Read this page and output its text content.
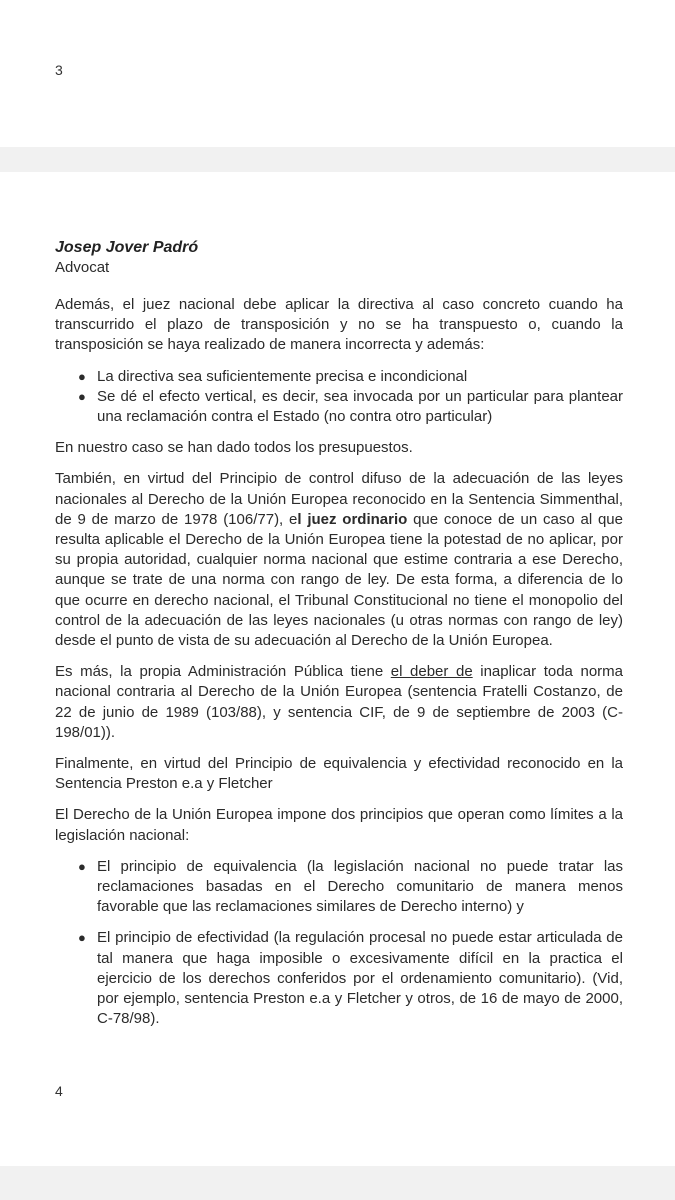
3
Josep Jover Padró
Advocat

Además, el juez nacional debe aplicar la directiva al caso concreto cuando ha transcurrido el plazo de transposición y no se ha transpuesto o, cuando la transposición se haya realizado de manera incorrecta y además:

● La directiva sea suficientemente precisa e incondicional
● Se dé el efecto vertical, es decir, sea invocada por un particular para plantear una reclamación contra el Estado (no contra otro particular)

En nuestro caso se han dado todos los presupuestos.

También, en virtud del Principio de control difuso de la adecuación de las leyes nacionales al Derecho de la Unión Europea reconocido en la Sentencia Simmenthal, de 9 de marzo de 1978 (106/77), el juez ordinario que conoce de un caso al que resulta aplicable el Derecho de la Unión Europea tiene la potestad de no aplicar, por su propia autoridad, cualquier norma nacional que estime contraria a ese Derecho, aunque se trate de una norma con rango de ley. De esta forma, a diferencia de lo que ocurre en derecho nacional, el Tribunal Constitucional no tiene el monopolio del control de la adecuación de las leyes nacionales (u otras normas con rango de ley) desde el punto de vista de su adecuación al Derecho de la Unión Europea.

Es más, la propia Administración Pública tiene el deber de inaplicar toda norma nacional contraria al Derecho de la Unión Europea (sentencia Fratelli Costanzo, de 22 de junio de 1989 (103/88), y sentencia CIF, de 9 de septiembre de 2003 (C-198/01)).

Finalmente, en virtud del Principio de equivalencia y efectividad reconocido en la Sentencia Preston e.a y Fletcher

El Derecho de la Unión Europea impone dos principios que operan como límites a la legislación nacional:

● El principio de equivalencia (la legislación nacional no puede tratar las reclamaciones basadas en el Derecho comunitario de manera menos favorable que las reclamaciones similares de Derecho interno) y
● El principio de efectividad (la regulación procesal no puede estar articulada de tal manera que haga imposible o excesivamente difícil en la practica el ejercicio de los derechos conferidos por el ordenamiento comunitario). (Vid, por ejemplo, sentencia Preston e.a y Fletcher y otros, de 16 de mayo de 2000, C-78/98).
4
